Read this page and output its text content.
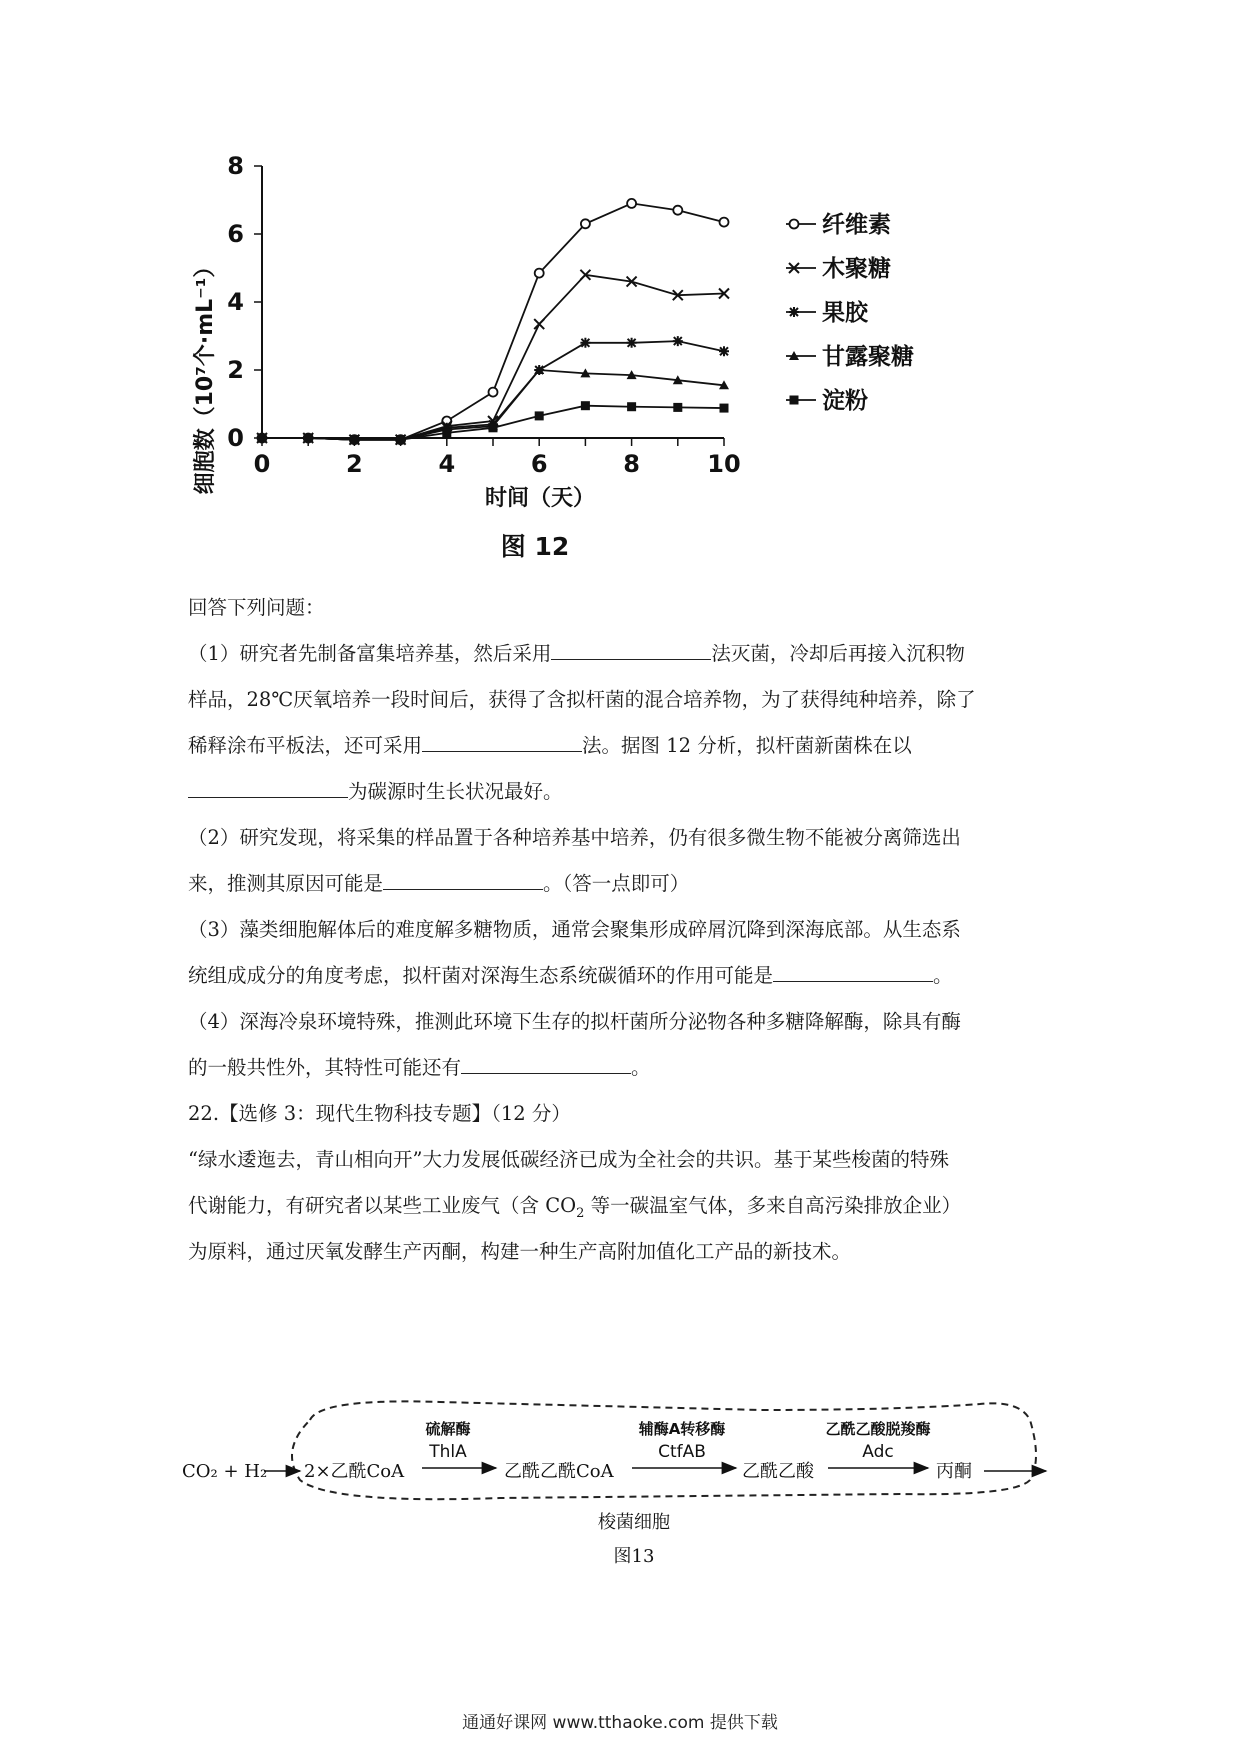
0	2	4	6	8	10
0
2
4
6
8
纤维素
木聚糖
果胶
甘露聚糖
淀粉
细胞数（10⁷个·mL⁻¹）
时间（天）
图 12
回答下列问题：
（1）研究者先制备富集培养基，然后采用	法灭菌，冷却后再接入沉积物
样品，28℃厌氧培养一段时间后，获得了含拟杆菌的混合培养物，为了获得纯种培养，除了
稀释涂布平板法，还可采用	法。据图 12 分析，拟杆菌新菌株在以
为碳源时生长状况最好。
（2）研究发现，将采集的样品置于各种培养基中培养，仍有很多微生物不能被分离筛选出
来，推测其原因可能是	。（答一点即可）
（3）藻类细胞解体后的难度解多糖物质，通常会聚集形成碎屑沉降到深海底部。从生态系
统组成成分的角度考虑，拟杆菌对深海生态系统碳循环的作用可能是	。
（4）深海冷泉环境特殊，推测此环境下生存的拟杆菌所分泌物各种多糖降解酶，除具有酶
的一般共性外，其特性可能还有	。
22.【选修 3：现代生物科技专题】（12 分）
“绿水逶迤去，青山相向开”大力发展低碳经济已成为全社会的共识。基于某些梭菌的特殊
代谢能力，有研究者以某些工业废气（含 $CO_2$ 等一碳温室气体，多来自高污染排放企业）
为原料，通过厌氧发酵生产丙酮，构建一种生产高附加值化工产品的新技术。
CO₂ + H₂ 2×乙酰CoA
硫解酶
ThlA
乙酰乙酰CoA
辅酶A转移酶
CtfAB
乙酰乙酸
乙酰乙酸脱羧酶
Adc
丙酮
梭菌细胞
图13
通通好课网 www.tthaoke.com 提供下载
